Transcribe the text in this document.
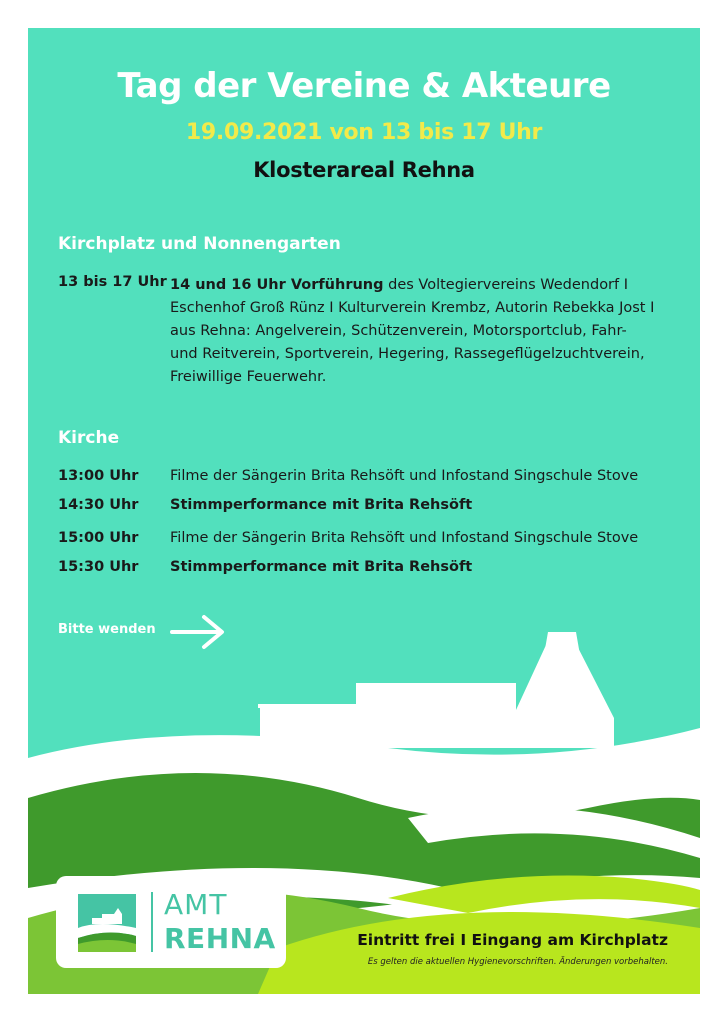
Tag der Vereine & Akteure
19.09.2021 von 13 bis 17 Uhr
Klosterareal Rehna
Kirchplatz und Nonnengarten
13 bis 17 Uhr 14 und 16 Uhr Vorführung des Voltegiervereins Wedendorf I
Eschenhof Groß Rünz I Kulturverein Krembz, Autorin Rebekka Jost I
aus Rehna: Angelverein, Schützenverein, Motorsportclub, Fahr-
und Reitverein, Sportverein, Hegering, Rassegeflügelzuchtverein,
Freiwillige Feuerwehr.
Kirche
13:00 Uhr Filme der Sängerin Brita Rehsöft und Infostand Singschule Stove
14:30 Uhr Stimmperformance mit Brita Rehsöft
15:00 Uhr Filme der Sängerin Brita Rehsöft und Infostand Singschule Stove
15:30 Uhr Stimmperformance mit Brita Rehsöft
Bitte wenden
AMT
REHNA	Eintritt frei I Eingang am Kirchplatz
Es gelten die aktuellen Hygienevorschriften. Änderungen vorbehalten.
